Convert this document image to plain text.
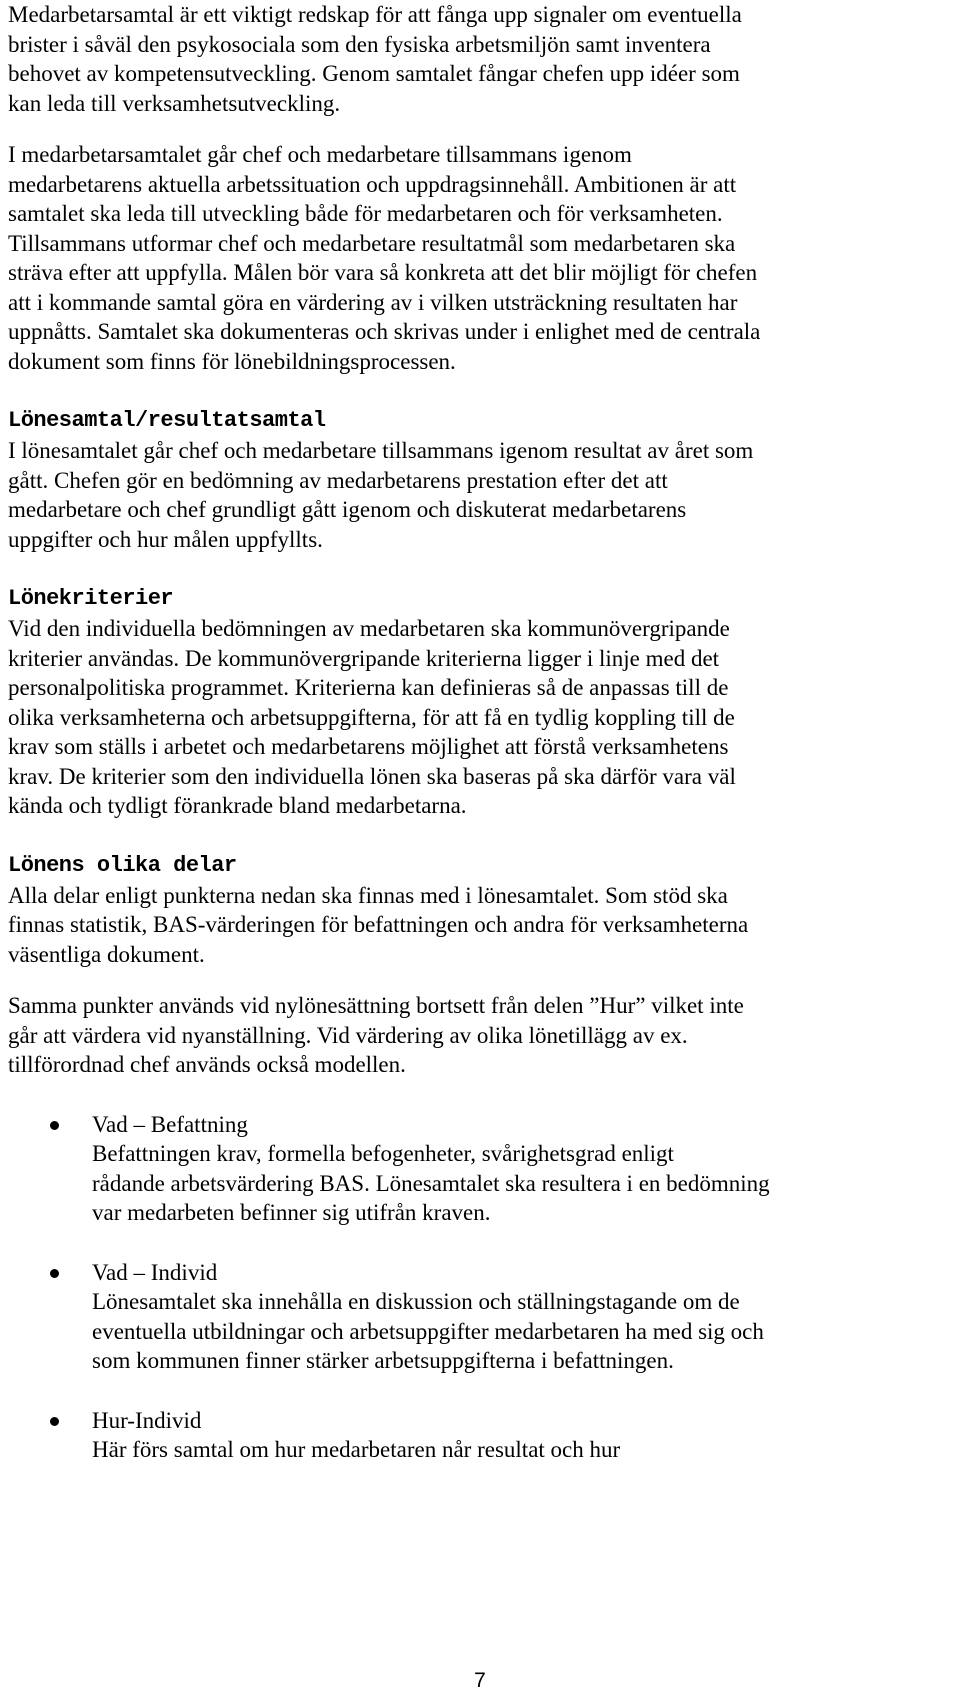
Medarbetarsamtal är ett viktigt redskap för att fånga upp signaler om eventuella
brister i såväl den psykosociala som den fysiska arbetsmiljön samt inventera
behovet av kompetensutveckling. Genom samtalet fångar chefen upp idéer som
kan leda till verksamhetsutveckling.

I medarbetarsamtalet går chef och medarbetare tillsammans igenom
medarbetarens aktuella arbetssituation och uppdragsinnehåll. Ambitionen är att
samtalet ska leda till utveckling både för medarbetaren och för verksamheten.
Tillsammans utformar chef och medarbetare resultatmål som medarbetaren ska
sträva efter att uppfylla. Målen bör vara så konkreta att det blir möjligt för chefen
att i kommande samtal göra en värdering av i vilken utsträckning resultaten har
uppnåtts. Samtalet ska dokumenteras och skrivas under i enlighet med de centrala
dokument som finns för lönebildningsprocessen.

Lönesamtal/resultatsamtal

I lönesamtalet går chef och medarbetare tillsammans igenom resultat av året som
gått. Chefen gör en bedömning av medarbetarens prestation efter det att
medarbetare och chef grundligt gått igenom och diskuterat medarbetarens
uppgifter och hur målen uppfyllts.

Lönekriterier

Vid den individuella bedömningen av medarbetaren ska kommunövergripande
kriterier användas. De kommunövergripande kriterierna ligger i linje med det
personalpolitiska programmet. Kriterierna kan definieras så de anpassas till de
olika verksamheterna och arbetsuppgifterna, för att få en tydlig koppling till de
krav som ställs i arbetet och medarbetarens möjlighet att förstå verksamhetens
krav. De kriterier som den individuella lönen ska baseras på ska därför vara väl
kända och tydligt förankrade bland medarbetarna.

Lönens olika delar

Alla delar enligt punkterna nedan ska finnas med i lönesamtalet. Som stöd ska
finnas statistik, BAS-värderingen för befattningen och andra för verksamheterna
väsentliga dokument.

Samma punkter används vid nylönesättning bortsett från delen ”Hur” vilket inte
går att värdera vid nyanställning. Vid värdering av olika lönetillägg av ex.
tillförordnad chef används också modellen.

Vad – Befattning

Befattningen krav, formella befogenheter, svårighetsgrad enligt
rådande arbetsvärdering BAS. Lönesamtalet ska resultera i en bedömning
var medarbeten befinner sig utifrån kraven.

Vad – Individ

Lönesamtalet ska innehålla en diskussion och ställningstagande om de
eventuella utbildningar och arbetsuppgifter medarbetaren ha med sig och
som kommunen finner stärker arbetsuppgifterna i befattningen.

Hur-Individ

Här förs samtal om hur medarbetaren når resultat och hur

7
